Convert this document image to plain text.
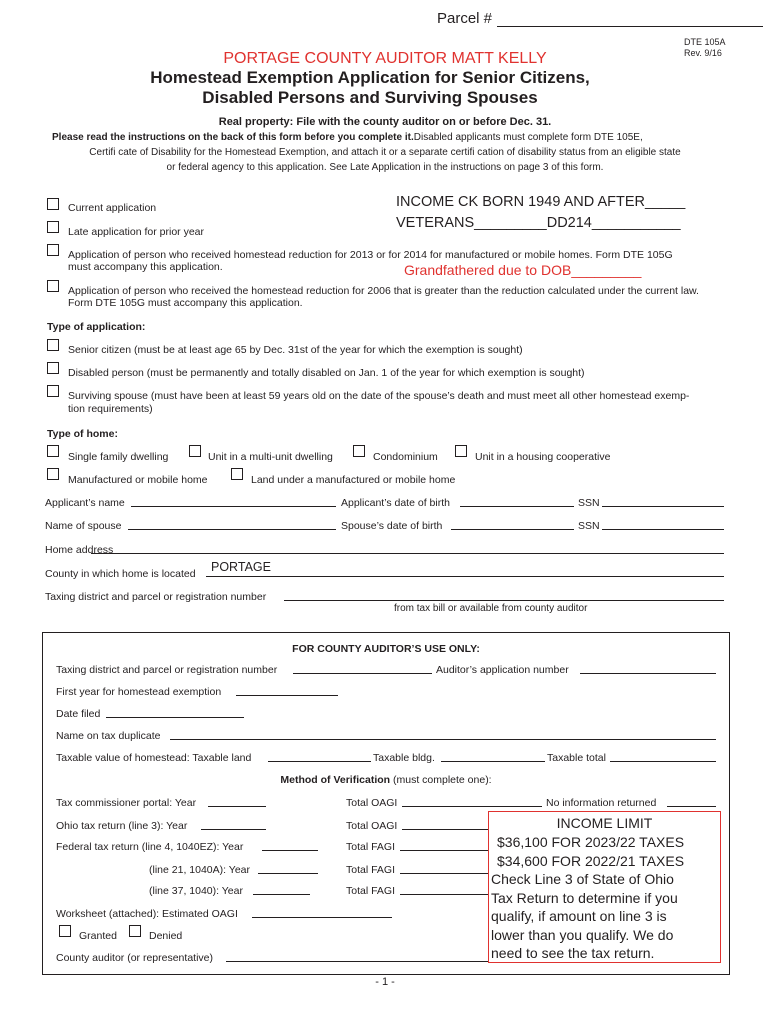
Parcel #
DTE 105A
Rev. 9/16
PORTAGE COUNTY AUDITOR MATT KELLY
Homestead Exemption Application for Senior Citizens,
Disabled Persons and Surviving Spouses
Real property: File with the county auditor on or before Dec. 31.
Please read the instructions on the back of this form before you complete it.Disabled applicants must complete form DTE 105E,
Certifi cate of Disability for the Homestead Exemption, and attach it or a separate certifi cation of disability status from an eligible state
or federal agency to this application. See Late Application in the instructions on page 3 of this form.
Current application
Late application for prior year
INCOME CK BORN 1949 AND AFTER_____
VETERANS_________DD214___________
Application of person who received homestead reduction for 2013 or for 2014 for manufactured or mobile homes. Form DTE 105G
must accompany this application.	Grandfathered due to DOB_________
Application of person who received the homestead reduction for 2006 that is greater than the reduction calculated under the current law.
Form DTE 105G must accompany this application.
Type of application:
Senior citizen (must be at least age 65 by Dec. 31st of the year for which the exemption is sought)
Disabled person (must be permanently and totally disabled on Jan. 1 of the year for which exemption is sought)
Surviving spouse (must have been at least 59 years old on the date of the spouse’s death and must meet all other homestead exemp-
tion requirements)
Type of home:
Single family dwelling	Unit in a multi-unit dwelling	Condominium	Unit in a housing cooperative
Manufactured or mobile home	Land under a manufactured or mobile home
Applicant’s name	Applicant’s date of birth	SSN
Name of spouse	Spouse’s date of birth	SSN
Home address
County in which home is located PORTAGE
Taxing district and parcel or registration number
from tax bill or available from county auditor
FOR COUNTY AUDITOR’S USE ONLY:
Taxing district and parcel or registration number	Auditor’s application number
First year for homestead exemption
Date filed
Name on tax duplicate
Taxable value of homestead: Taxable land	Taxable bldg.	Taxable total
Method of Verification (must complete one):
Tax commissioner portal: Year	Total OAGI	No information returned
Ohio tax return (line 3): Year	Total OAGI
Federal tax return (line 4, 1040EZ): Year	Total FAGI
(line 21, 1040A): Year	Total FAGI
(line 37, 1040): Year	Total FAGI
Worksheet (attached): Estimated OAGI
Granted	Denied
County auditor (or representative)
INCOME LIMIT
$36,100 FOR 2023/22 TAXES
$34,600 FOR 2022/21 TAXES
Check Line 3 of State of Ohio
Tax Return to determine if you
qualify, if amount on line 3 is
lower than you qualify. We do
need to see the tax return.
- 1 -
